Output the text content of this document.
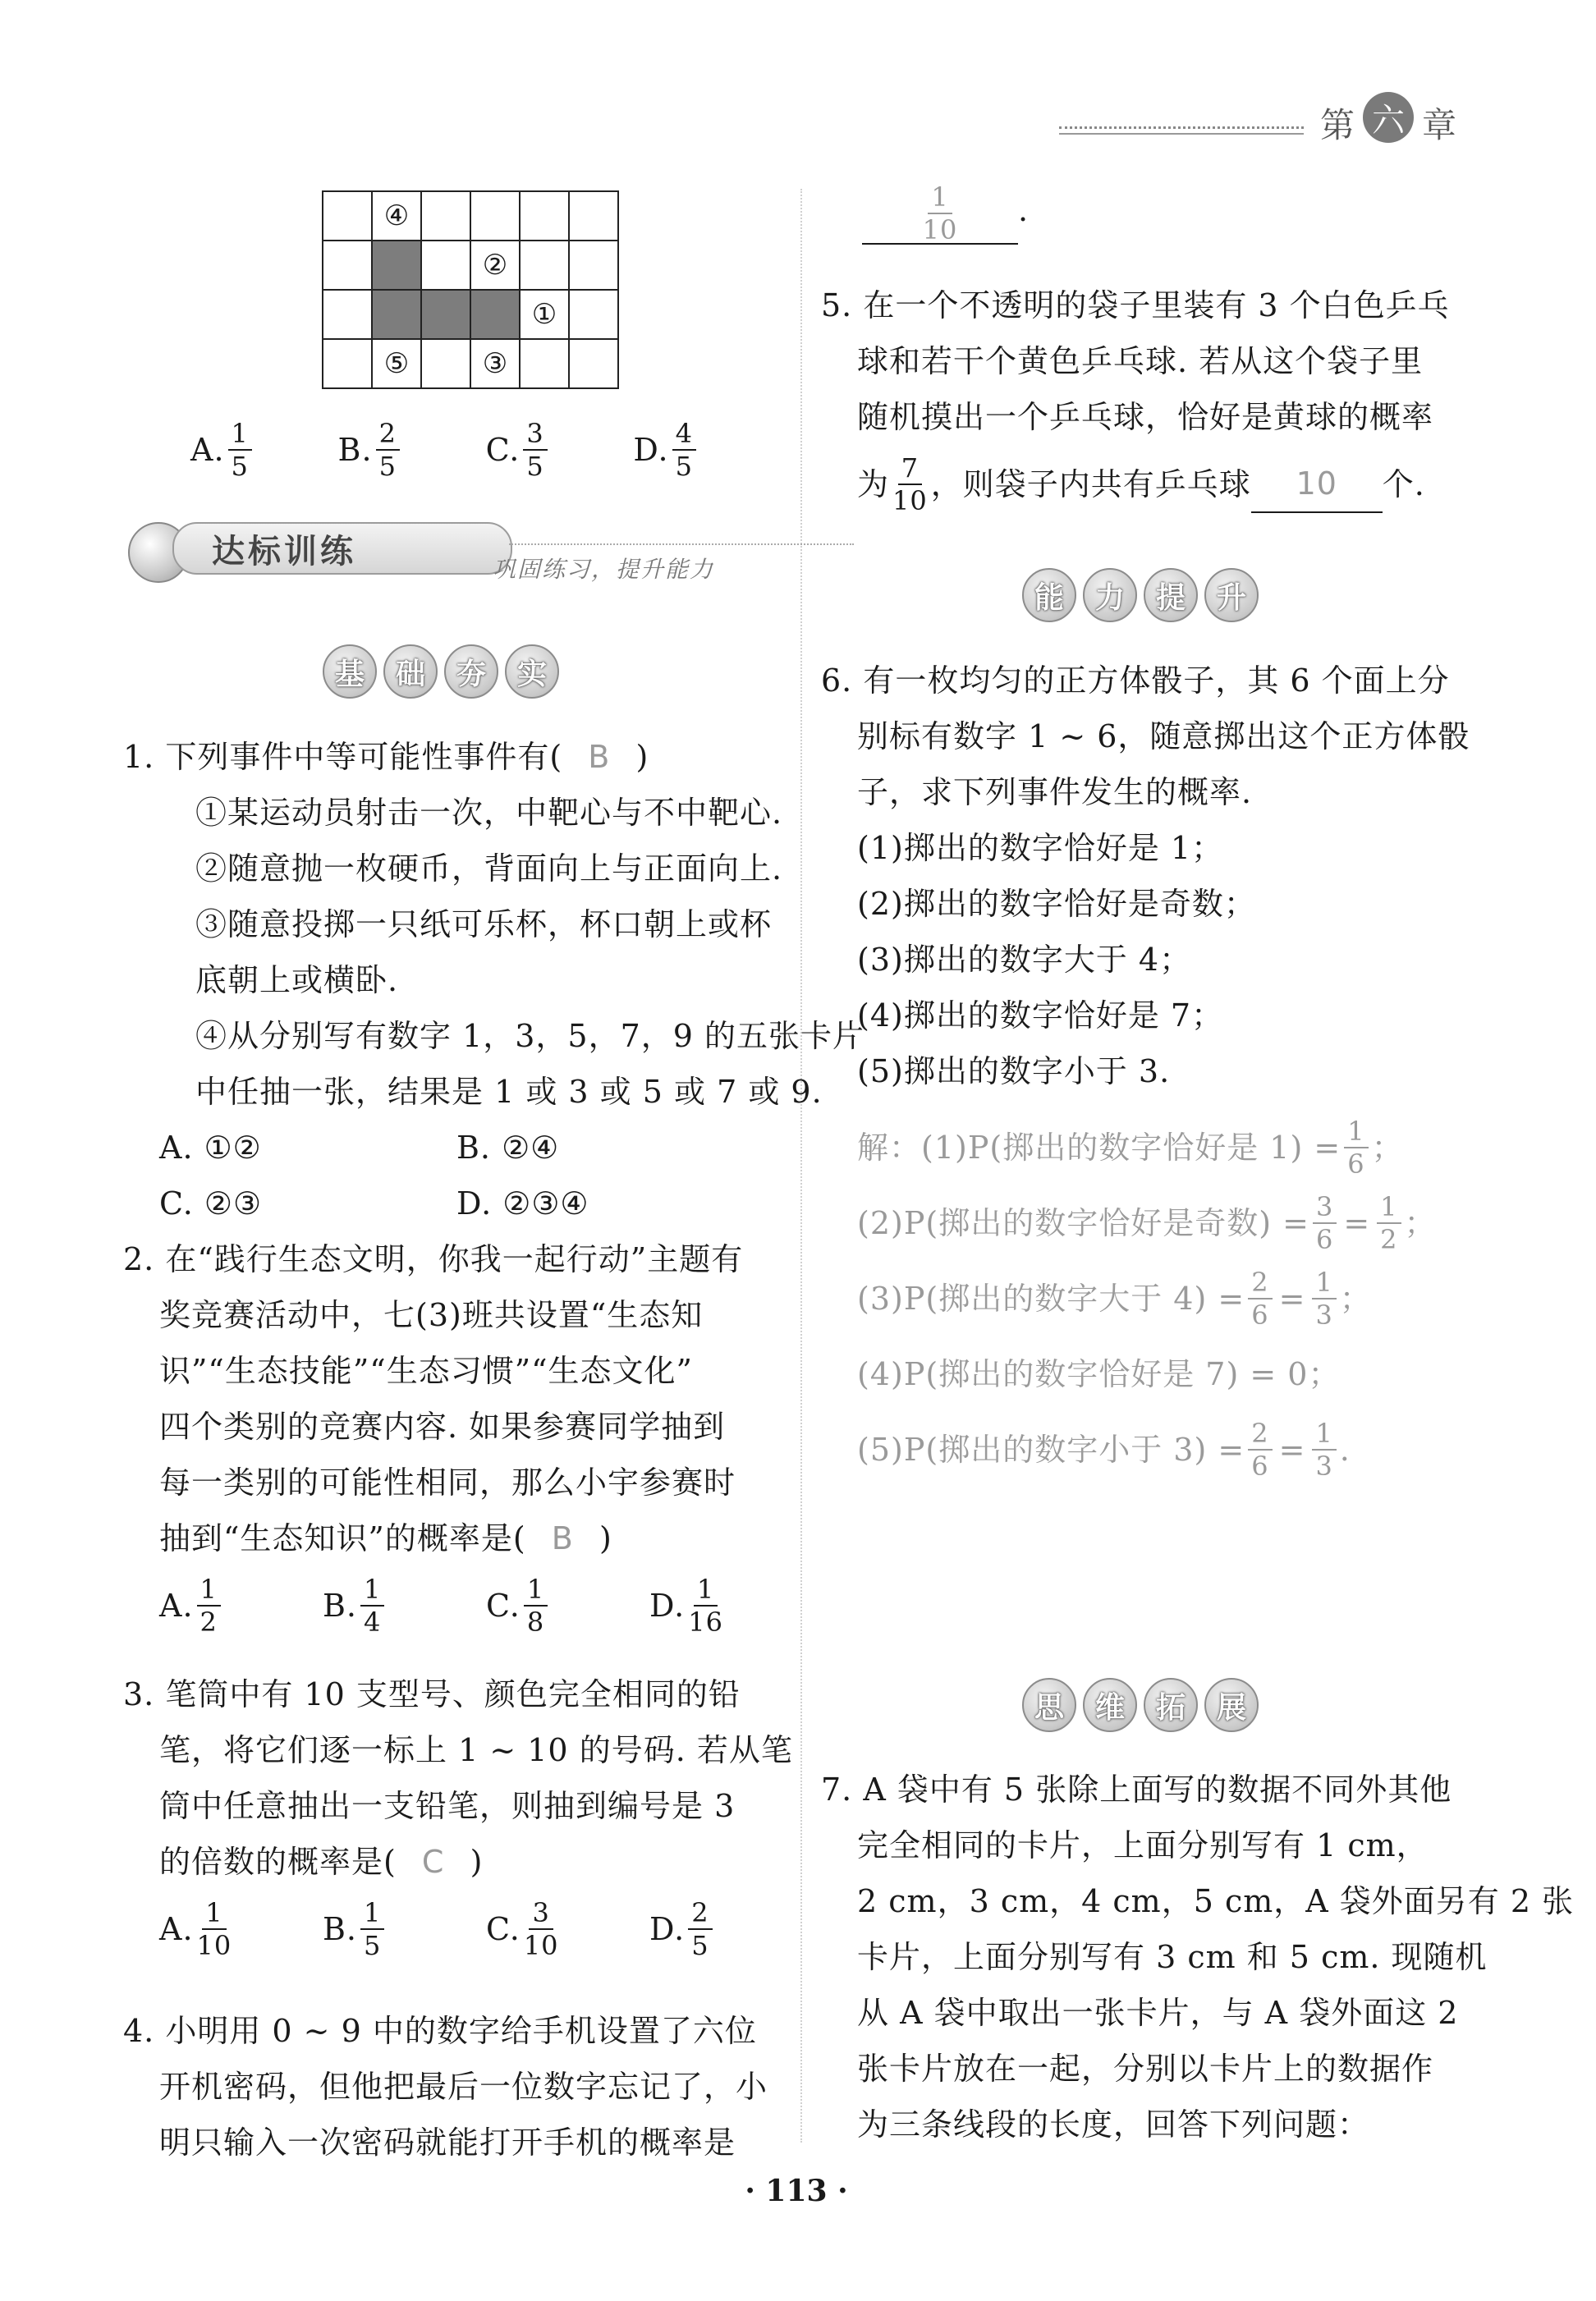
第 六 章
	④				
			②		
				①	
	⑤		③		
A. $\frac{1}{5}$	B. $\frac{2}{5}$	C. $\frac{3}{5}$	D. $\frac{4}{5}$
达标训练	巩固练习，提升能力
基	础	夯	实
1. 下列事件中等可能性事件有( B )
①某运动员射击一次，中靶心与不中靶心.
②随意抛一枚硬币，背面向上与正面向上.
③随意投掷一只纸可乐杯，杯口朝上或杯
底朝上或横卧.
④从分别写有数字 1，3，5，7，9 的五张卡片
中任抽一张，结果是 1 或 3 或 5 或 7 或 9.
A. ①②	B. ②④
C. ②③	D. ②③④
2. 在“践行生态文明，你我一起行动”主题有
奖竞赛活动中，七(3)班共设置“生态知
识”“生态技能”“生态习惯”“生态文化”
四个类别的竞赛内容. 如果参赛同学抽到
每一类别的可能性相同，那么小宇参赛时
抽到“生态知识”的概率是( B )
A. $\frac{1}{2}$	B. $\frac{1}{4}$	C. $\frac{1}{8}$	D. $\frac{1}{16}$
3. 笔筒中有 10 支型号、颜色完全相同的铅
笔，将它们逐一标上 1 ~ 10 的号码. 若从笔
筒中任意抽出一支铅笔，则抽到编号是 3
的倍数的概率是( C )
A. $\frac{1}{10}$	B. $\frac{1}{5}$	C. $\frac{3}{10}$	D. $\frac{2}{5}$
4. 小明用 0 ~ 9 中的数字给手机设置了六位
开机密码，但他把最后一位数字忘记了，小
明只输入一次密码就能打开手机的概率是
$\frac{1}{10}$ .
5. 在一个不透明的袋子里装有 3 个白色乒乓
球和若干个黄色乒乓球. 若从这个袋子里
随机摸出一个乒乓球，恰好是黄球的概率
为 $\frac{7}{10}$ ，则袋子内共有乒乓球	10	个.
能	力	提	升
6. 有一枚均匀的正方体骰子，其 6 个面上分
别标有数字 1 ~ 6，随意掷出这个正方体骰
子，求下列事件发生的概率.
(1)掷出的数字恰好是 1；
(2)掷出的数字恰好是奇数；
(3)掷出的数字大于 4；
(4)掷出的数字恰好是 7；
(5)掷出的数字小于 3.
解：(1)P(掷出的数字恰好是 $1) = \frac{1}{6}$ ；
(2)P(掷出的数字恰好是奇数) = $\frac{3}{6} = \frac{1}{2}$ ；
(3)P(掷出的数字大于 $4) = \frac{2}{6} = \frac{1}{3}$ ；
(4)P(掷出的数字恰好是 7) = 0；
(5)P(掷出的数字小于 $3) = \frac{2}{6} = \frac{1}{3}$ .
思	维	拓	展
7. A 袋中有 5 张除上面写的数据不同外其他
完全相同的卡片，上面分别写有 1 cm，
2 cm，3 cm，4 cm，5 cm，A 袋外面另有 2 张
卡片，上面分别写有 3 cm 和 5 cm. 现随机
从 A 袋中取出一张卡片，与 A 袋外面这 2
张卡片放在一起，分别以卡片上的数据作
为三条线段的长度，回答下列问题：
· 113 ·
